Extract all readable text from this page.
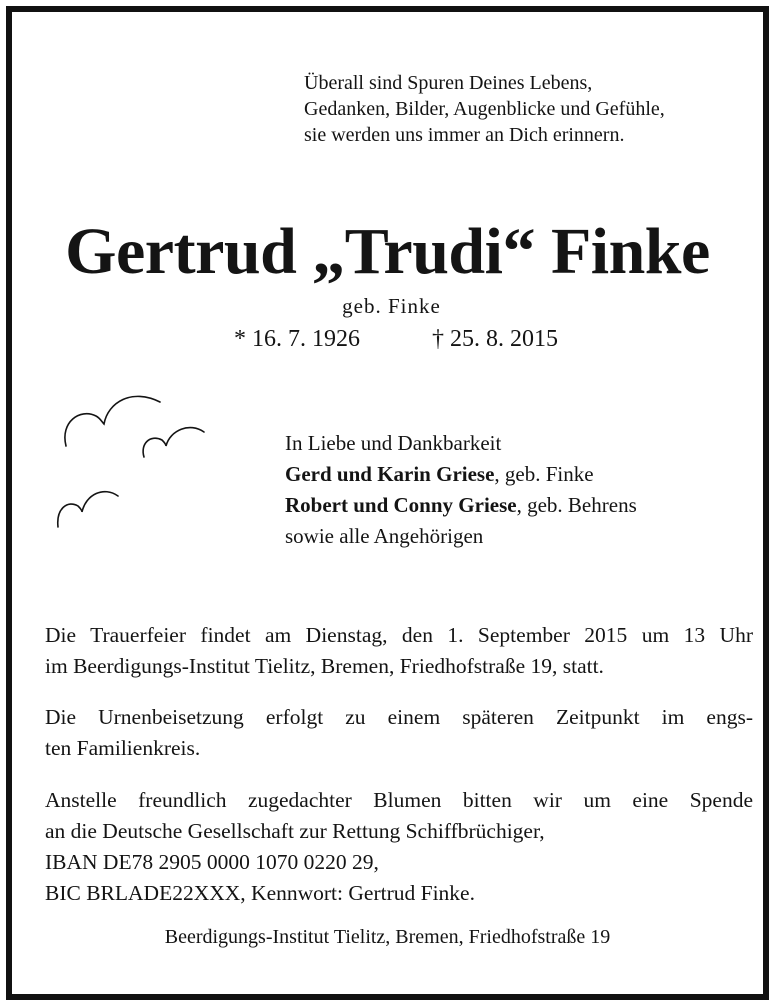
Überall sind Spuren Deines Lebens,
Gedanken, Bilder, Augenblicke und Gefühle,
sie werden uns immer an Dich erinnern.
Gertrud „Trudi“ Finke
geb. Finke
* 16. 7. 1926	† 25. 8. 2015
In Liebe und Dankbarkeit
Gerd und Karin Griese, geb. Finke
Robert und Conny Griese, geb. Behrens
sowie alle Angehörigen
Die Trauerfeier findet am Dienstag, den 1. September 2015 um 13 Uhr
im Beerdigungs-Institut Tielitz, Bremen, Friedhofstraße 19, statt.
Die Urnenbeisetzung erfolgt zu einem späteren Zeitpunkt im engs-
ten Familienkreis.
Anstelle freundlich zugedachter Blumen bitten wir um eine Spende
an die Deutsche Gesellschaft zur Rettung Schiffbrüchiger,
IBAN DE78 2905 0000 1070 0220 29,
BIC BRLADE22XXX, Kennwort: Gertrud Finke.
Beerdigungs-Institut Tielitz, Bremen, Friedhofstraße 19
